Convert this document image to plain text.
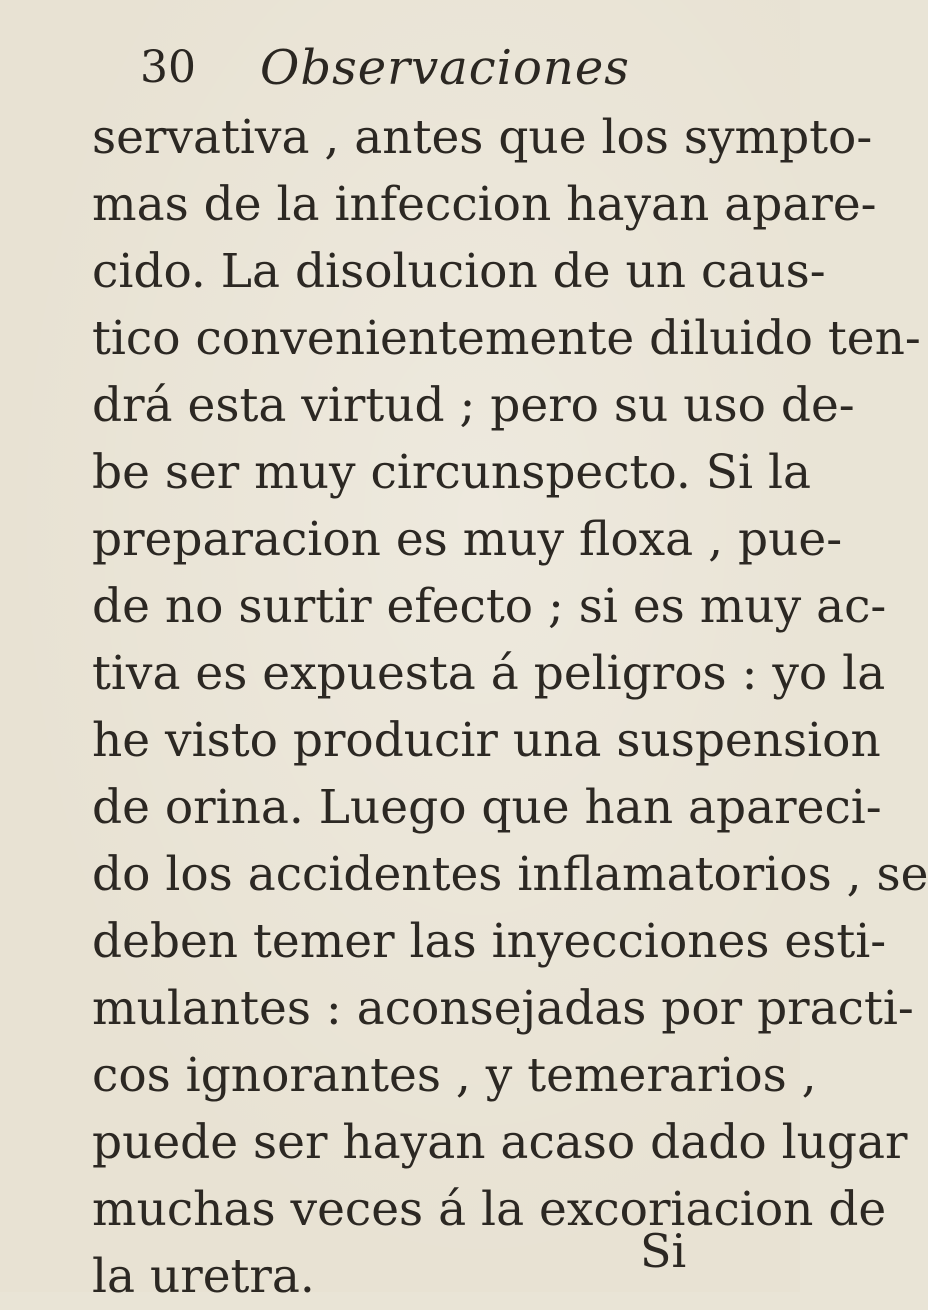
30 Observaciones
servativa , antes que los sympto-
mas de la infeccion hayan apare-
cido. La disolucion de un caus-
tico convenientemente diluido ten-
drá esta virtud ; pero su uso de-
be ser muy circunspecto. Si la
preparacion es muy floxa , pue-
de no surtir efecto ; si es muy ac-
tiva es expuesta á peligros : yo la
he visto producir una suspension
de orina. Luego que han apareci-
do los accidentes inflamatorios , se
deben temer las inyecciones esti-
mulantes : aconsejadas por practi-
cos ignorantes , y temerarios ,
puede ser hayan acaso dado lugar
muchas veces á la excoriacion de
la uretra.	Si
